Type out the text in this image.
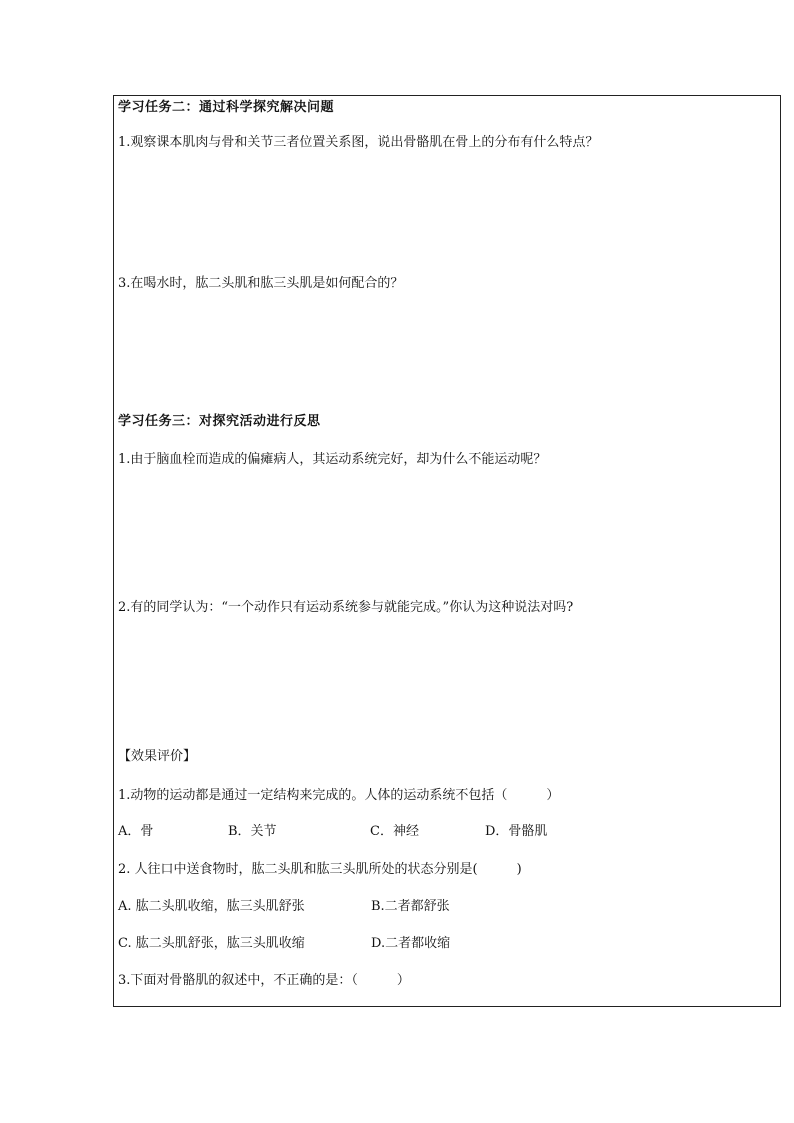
学习任务二：通过科学探究解决问题
1.观察课本肌肉与骨和关节三者位置关系图，说出骨骼肌在骨上的分布有什么特点？
3.在喝水时，肱二头肌和肱三头肌是如何配合的？
学习任务三：对探究活动进行反思
1.由于脑血栓而造成的偏瘫病人，其运动系统完好，却为什么不能运动呢？
2.有的同学认为：“一个动作只有运动系统参与就能完成。”你认为这种说法对吗?
【效果评价】
1.动物的运动都是通过一定结构来完成的。人体的运动系统不包括（　　　）
A．骨	B．关节	C．神经	D．骨骼肌
2. 人往口中送食物时，肱二头肌和肱三头肌所处的状态分别是(　　　)
A. 肱二头肌收缩，肱三头肌舒张	B.二者都舒张
C. 肱二头肌舒张，肱三头肌收缩	D.二者都收缩
3.下面对骨骼肌的叙述中，不正确的是：（　　　）
